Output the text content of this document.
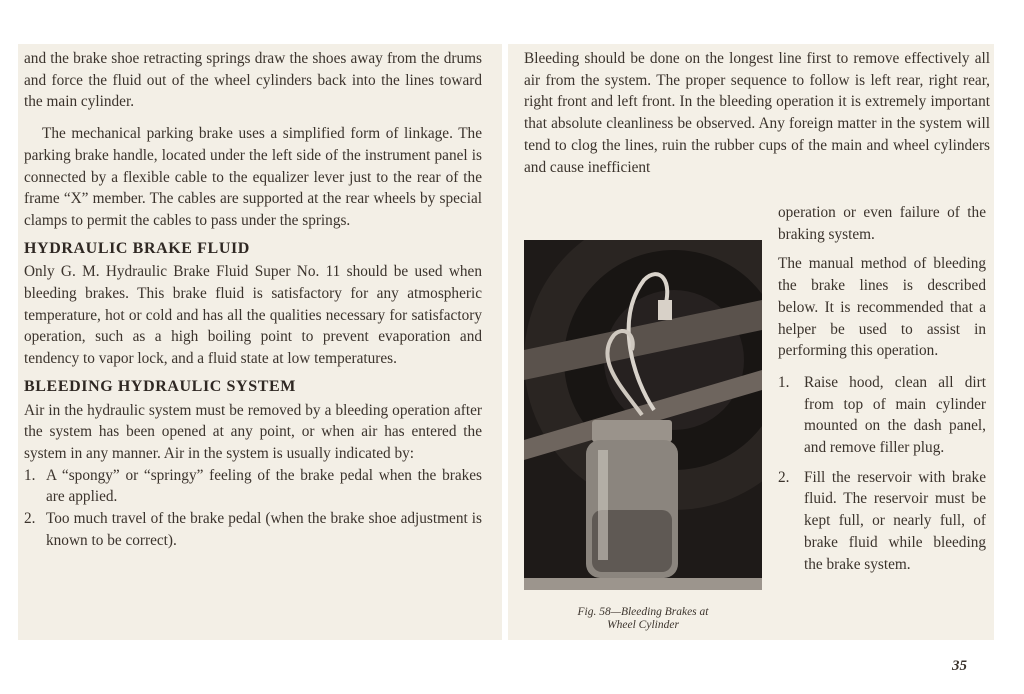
and the brake shoe retracting springs draw the shoes away from the drums and force the fluid out of the wheel cylinders back into the lines toward the main cylinder.

The mechanical parking brake uses a simplified form of linkage. The parking brake handle, located under the left side of the instrument panel is connected by a flexible cable to the equalizer lever just to the rear of the frame “X” member. The cables are supported at the rear wheels by special clamps to permit the cables to pass under the springs.

HYDRAULIC BRAKE FLUID

Only G. M. Hydraulic Brake Fluid Super No. 11 should be used when bleeding brakes. This brake fluid is satisfactory for any atmospheric temperature, hot or cold and has all the qualities necessary for satisfactory operation, such as a high boiling point to prevent evaporation and tendency to vapor lock, and a fluid state at low temperatures.

BLEEDING HYDRAULIC SYSTEM

Air in the hydraulic system must be removed by a bleeding operation after the system has been opened at any point, or when air has entered the system in any manner. Air in the system is usually indicated by:

1. A “spongy” or “springy” feeling of the brake pedal when the brakes are applied.
2. Too much travel of the brake pedal (when the brake shoe adjustment is known to be correct).

Bleeding should be done on the longest line first to remove effectively all air from the system. The proper sequence to follow is left rear, right rear, right front and left front. In the bleeding operation it is extremely important that absolute cleanliness be observed. Any foreign matter in the system will tend to clog the lines, ruin the rubber cups of the main and wheel cylinders and cause inefficient

operation or even failure of the braking system.

The manual method of bleeding the brake lines is described below. It is recommended that a helper be used to assist in performing this operation.

1. Raise hood, clean all dirt from top of main cylinder mounted on the dash panel, and remove filler plug.
2. Fill the reservoir with brake fluid. The reservoir must be kept full, or nearly full, of brake fluid while bleeding the brake system.
Fig. 58—Bleeding Brakes at
Wheel Cylinder
35
